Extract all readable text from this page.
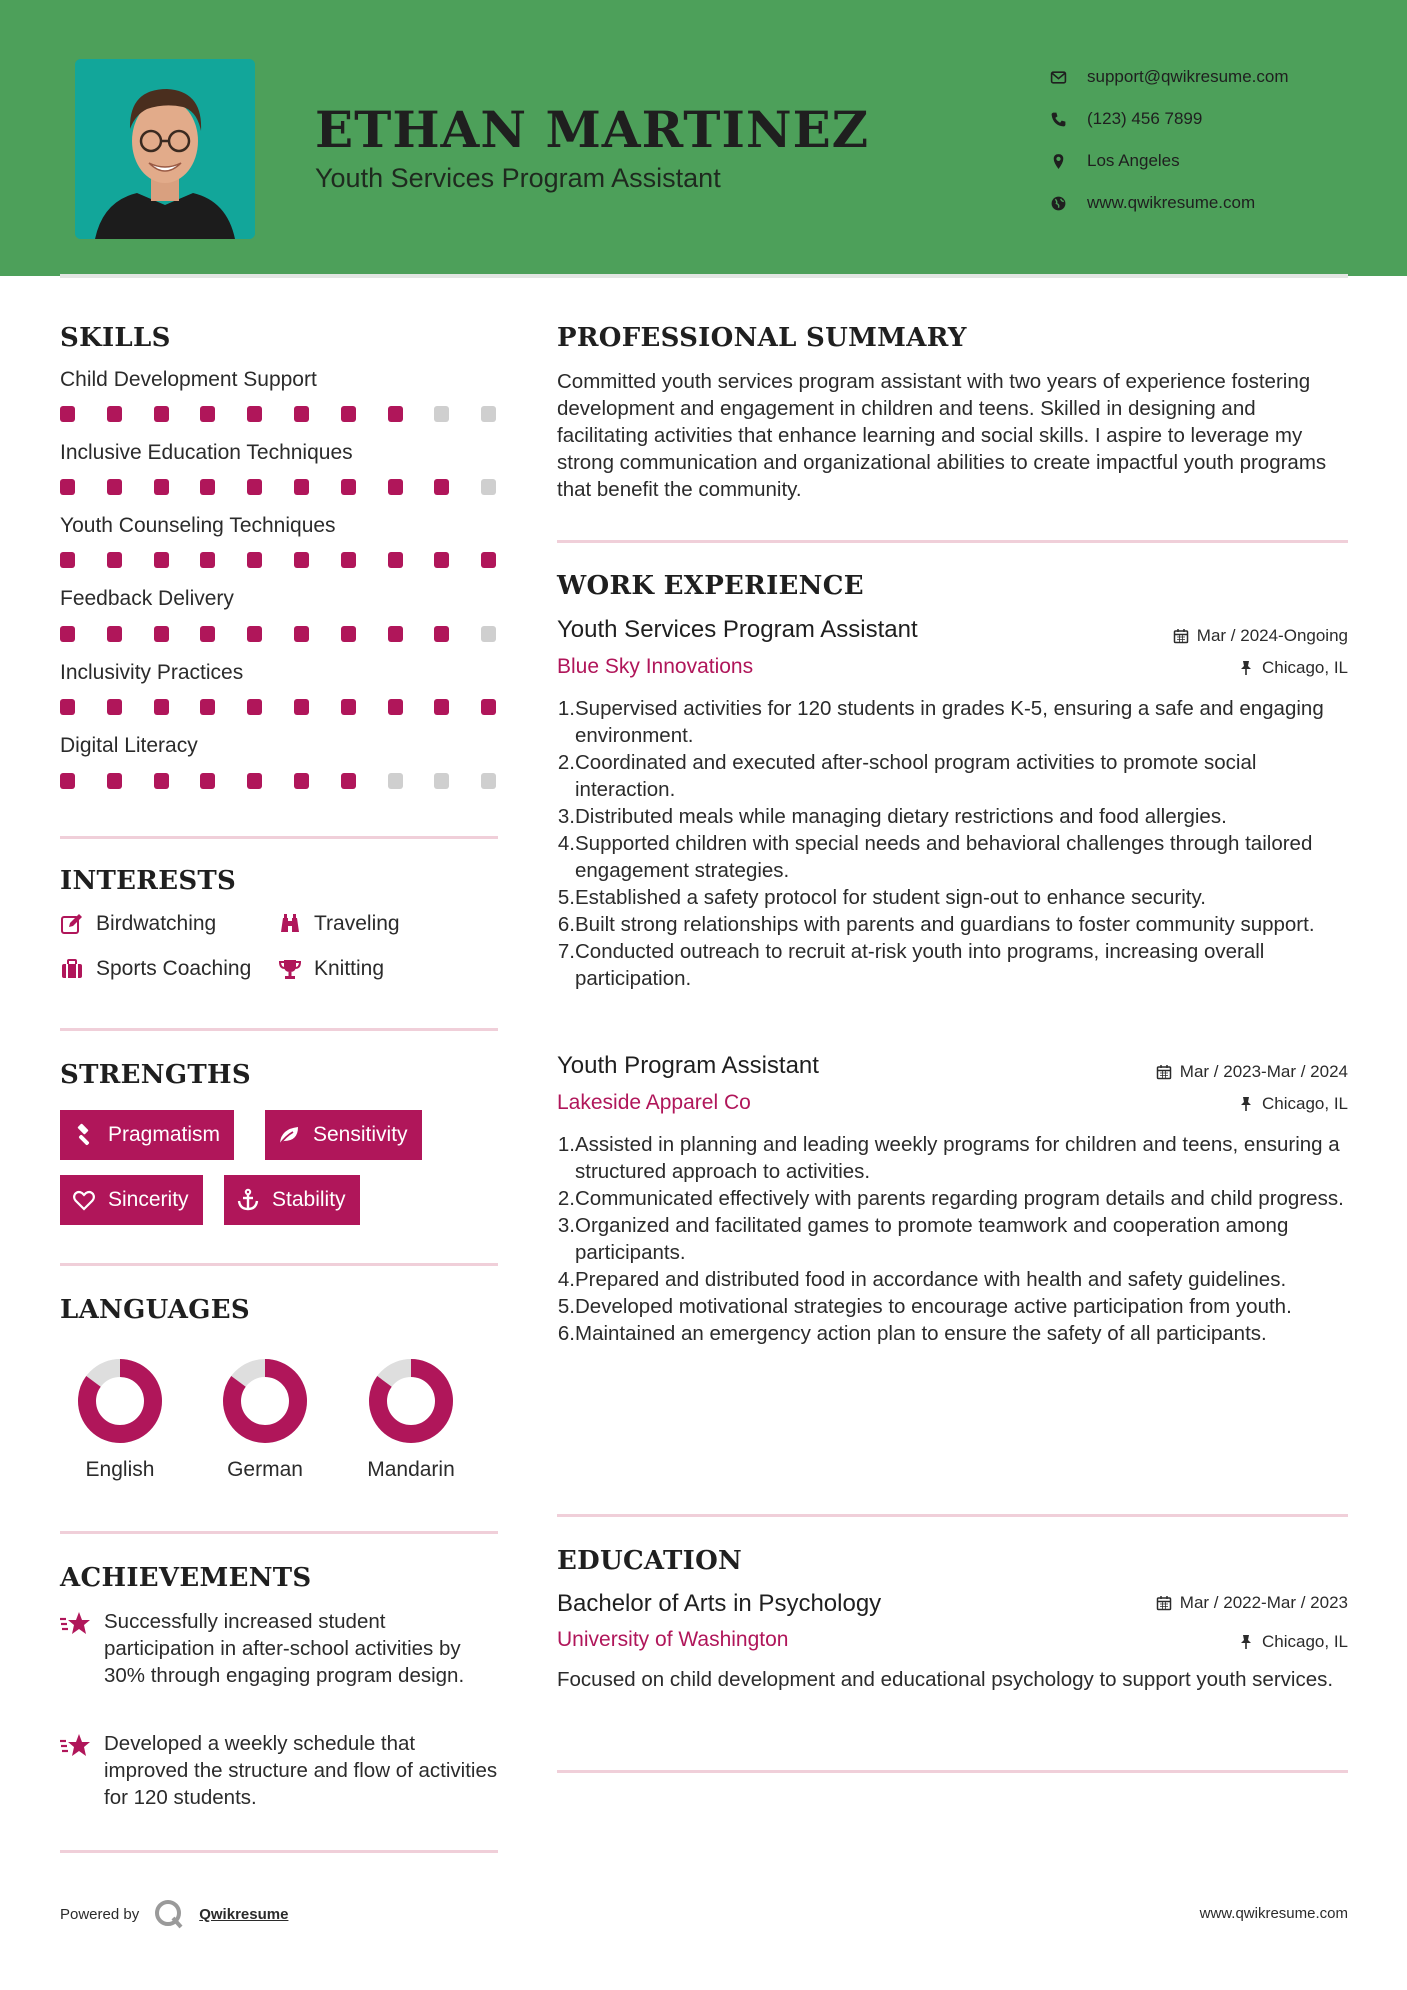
ETHAN MARTINEZ
Youth Services Program Assistant
support@qwikresume.com
(123) 456 7899
Los Angeles
www.qwikresume.com
SKILLS
Child Development Support
Inclusive Education Techniques
Youth Counseling Techniques
Feedback Delivery
Inclusivity Practices
Digital Literacy
INTERESTS
Birdwatching	Traveling
Sports Coaching	Knitting
STRENGTHS
Pragmatism	Sensitivity
Sincerity	Stability
LANGUAGES
English	German	Mandarin
ACHIEVEMENTS
Successfully increased student participation in after-school activities by 30% through engaging program design.
Developed a weekly schedule that improved the structure and flow of activities for 120 students.
PROFESSIONAL SUMMARY
Committed youth services program assistant with two years of experience fostering development and engagement in children and teens. Skilled in designing and facilitating activities that enhance learning and social skills. I aspire to leverage my strong communication and organizational abilities to create impactful youth programs that benefit the community.
WORK EXPERIENCE
Youth Services Program Assistant	Mar / 2024-Ongoing
Blue Sky Innovations	Chicago, IL
1. Supervised activities for 120 students in grades K-5, ensuring a safe and engaging environment.
2. Coordinated and executed after-school program activities to promote social interaction.
3. Distributed meals while managing dietary restrictions and food allergies.
4. Supported children with special needs and behavioral challenges through tailored engagement strategies.
5. Established a safety protocol for student sign-out to enhance security.
6. Built strong relationships with parents and guardians to foster community support.
7. Conducted outreach to recruit at-risk youth into programs, increasing overall participation.
Youth Program Assistant	Mar / 2023-Mar / 2024
Lakeside Apparel Co	Chicago, IL
1. Assisted in planning and leading weekly programs for children and teens, ensuring a structured approach to activities.
2. Communicated effectively with parents regarding program details and child progress.
3. Organized and facilitated games to promote teamwork and cooperation among participants.
4. Prepared and distributed food in accordance with health and safety guidelines.
5. Developed motivational strategies to encourage active participation from youth.
6. Maintained an emergency action plan to ensure the safety of all participants.
EDUCATION
Bachelor of Arts in Psychology	Mar / 2022-Mar / 2023
University of Washington	Chicago, IL
Focused on child development and educational psychology to support youth services.
Powered by	Qwikresume	www.qwikresume.com
